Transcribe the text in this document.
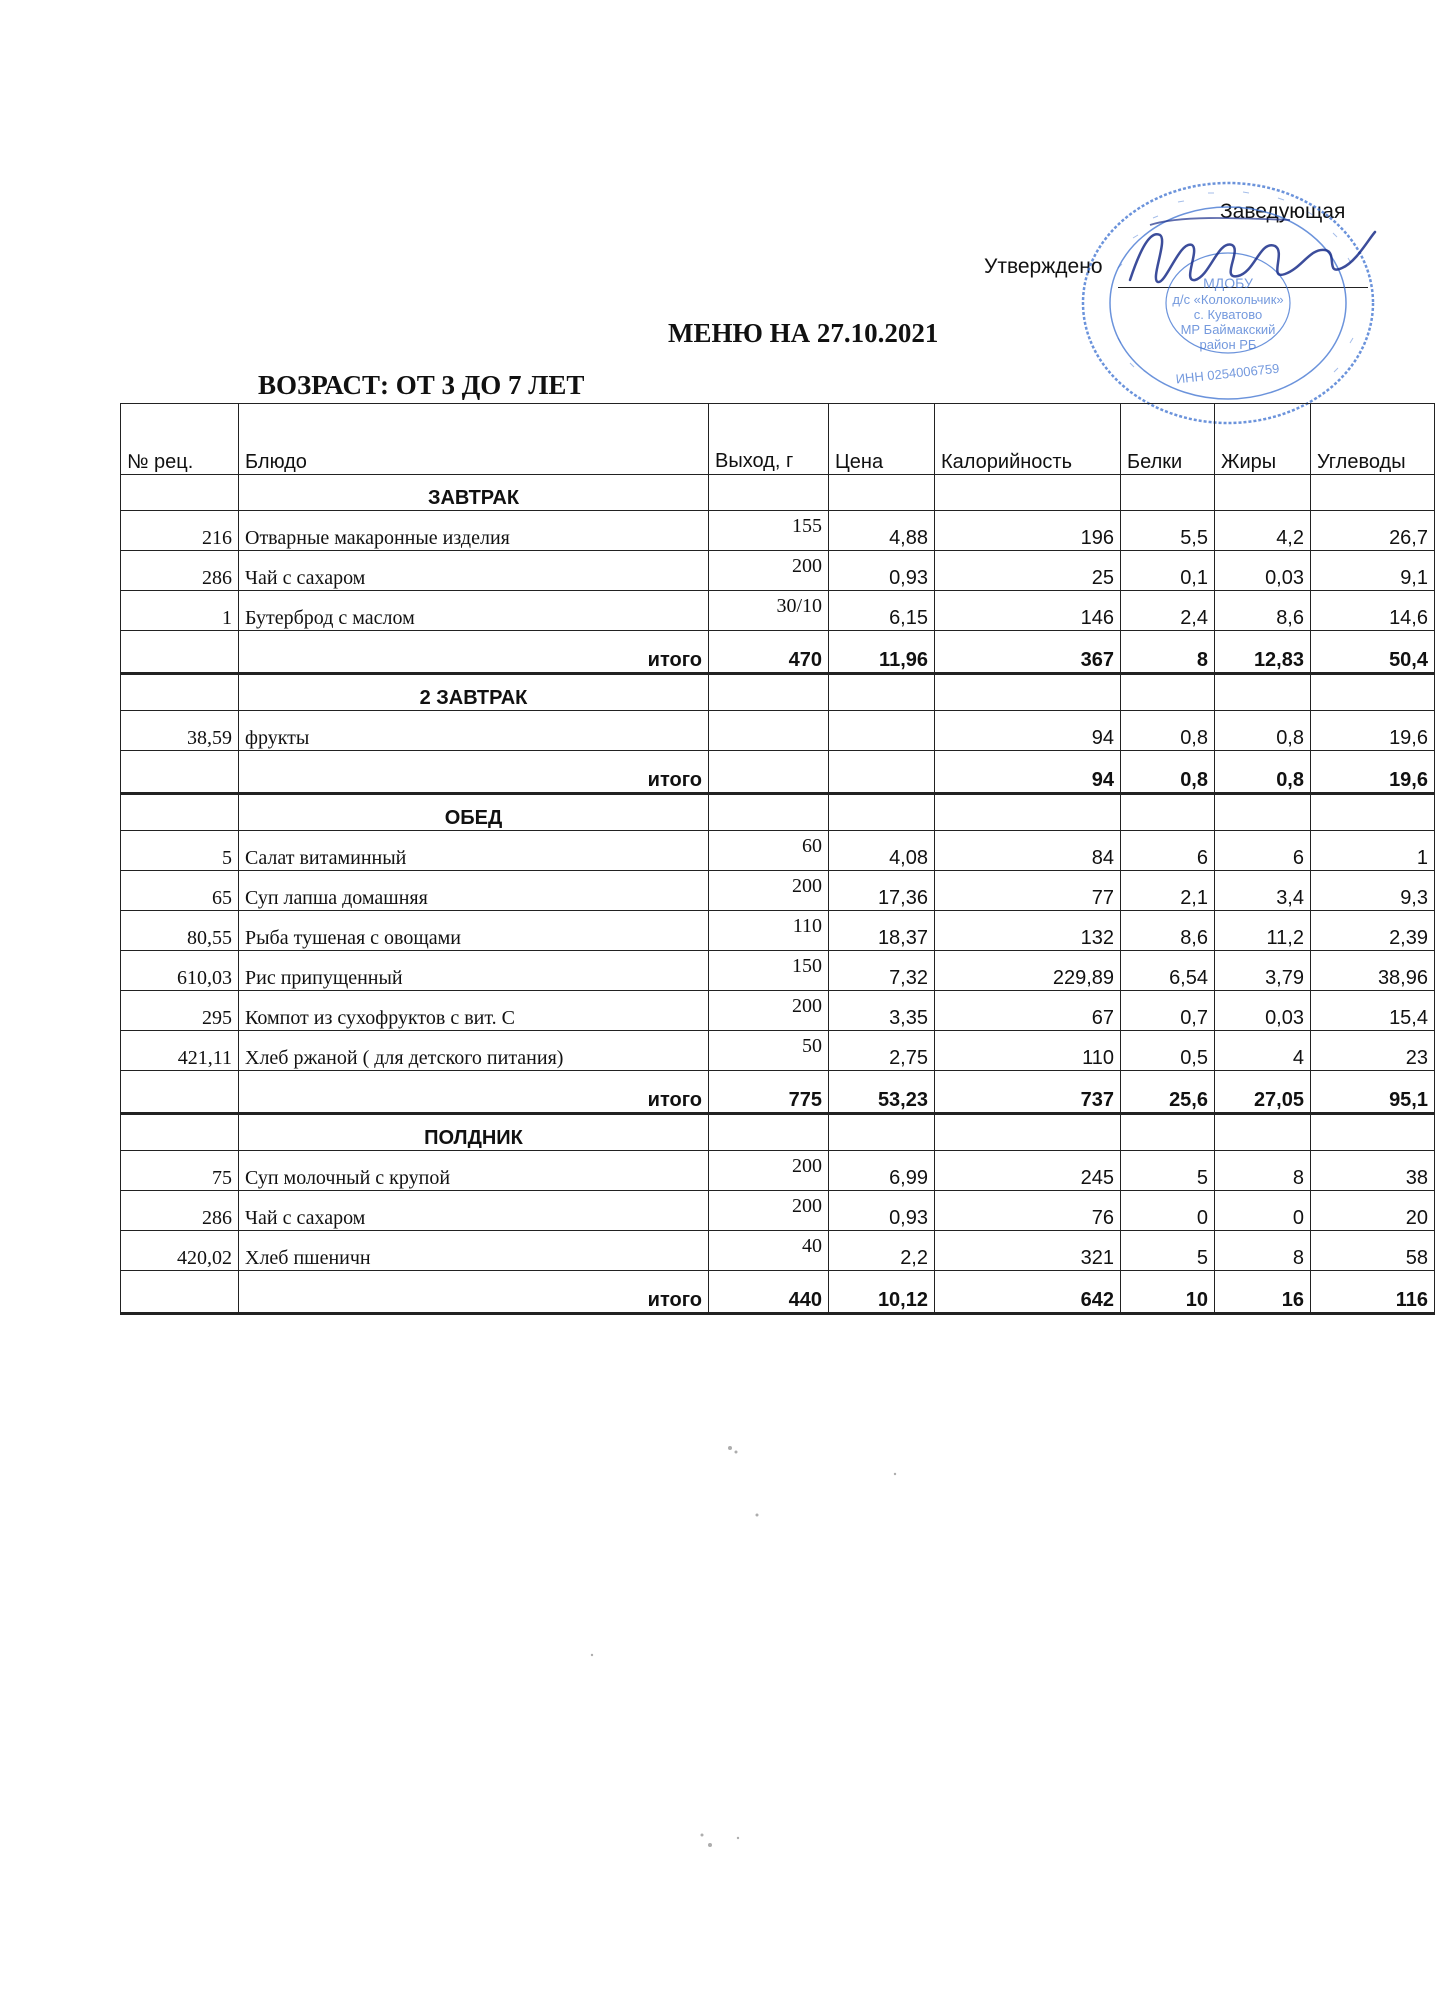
Заведующая
Утверждено
МДОБУ
д/с «Колокольчик»
с. Куватово
МР Баймакский
район РБ
ИНН 0254006759
МЕНЮ НА 27.10.2021
ВОЗРАСТ: ОТ 3 ДО 7 ЛЕТ
№ рец.	Блюдо	Выход, г	Цена	Калорийность	Белки	Жиры	Углеводы
	ЗАВТРАК						
216	Отварные макаронные изделия	155	4,88	196	5,5	4,2	26,7
286	Чай с сахаром	200	0,93	25	0,1	0,03	9,1
1	Бутерброд с маслом	30/10	6,15	146	2,4	8,6	14,6
	итого	470	11,96	367	8	12,83	50,4
	2 ЗАВТРАК						
38,59	фрукты			94	0,8	0,8	19,6
	итого			94	0,8	0,8	19,6
	ОБЕД						
5	Салат витаминный	60	4,08	84	6	6	1
65	Суп лапша домашняя	200	17,36	77	2,1	3,4	9,3
80,55	Рыба тушеная с овощами	110	18,37	132	8,6	11,2	2,39
610,03	Рис припущенный	150	7,32	229,89	6,54	3,79	38,96
295	Компот из сухофруктов с вит. С	200	3,35	67	0,7	0,03	15,4
421,11	Хлеб ржаной ( для детского питания)	50	2,75	110	0,5	4	23
	итого	775	53,23	737	25,6	27,05	95,1
	ПОЛДНИК						
75	Суп молочный с крупой	200	6,99	245	5	8	38
286	Чай с сахаром	200	0,93	76	0	0	20
420,02	Хлеб пшеничн	40	2,2	321	5	8	58
	итого	440	10,12	642	10	16	116
